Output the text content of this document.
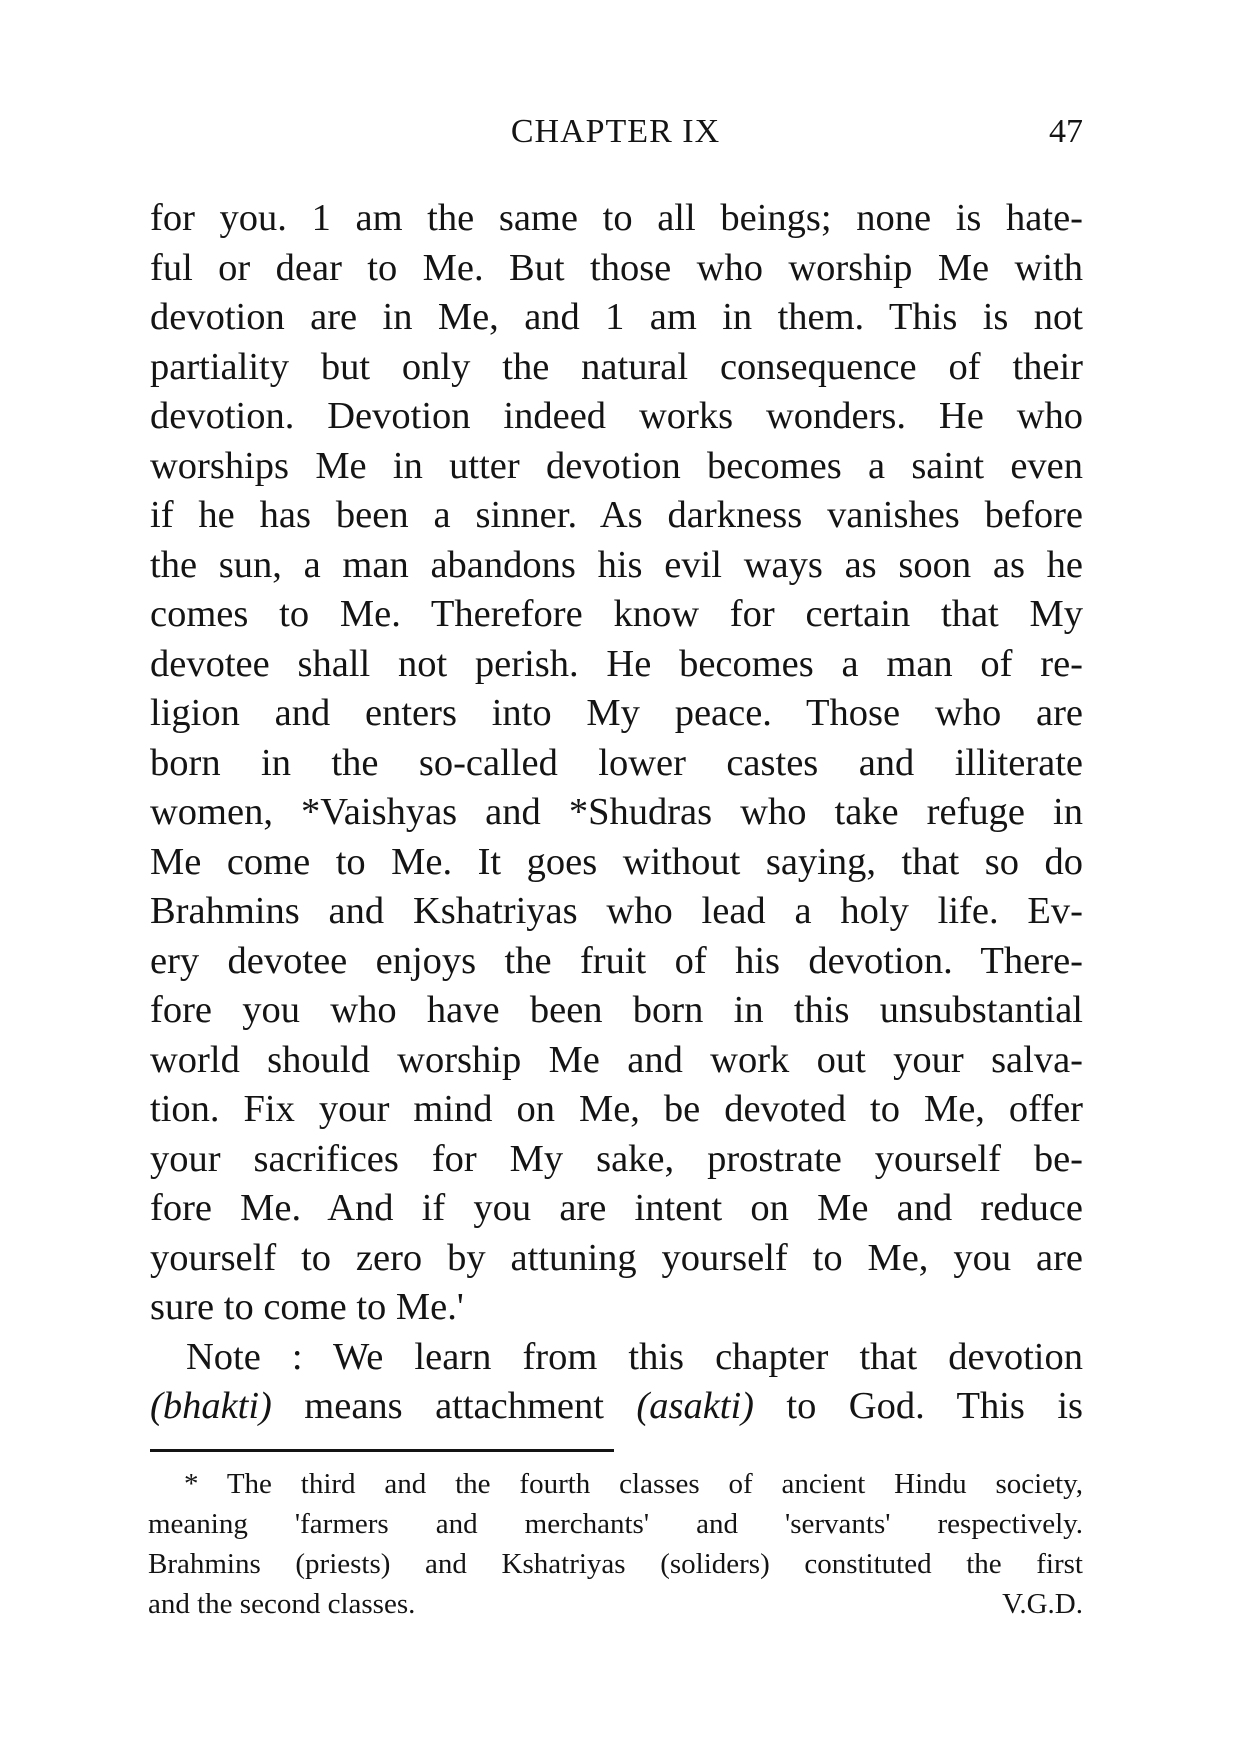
CHAPTER IX	47
for you. 1 am the same to all beings; none is hate-
ful or dear to Me. But those who worship Me with
devotion are in Me, and 1 am in them. This is not
partiality but only the natural consequence of their
devotion. Devotion indeed works wonders. He who
worships Me in utter devotion becomes a saint even
if he has been a sinner. As darkness vanishes before
the sun, a man abandons his evil ways as soon as he
comes to Me. Therefore know for certain that My
devotee shall not perish. He becomes a man of re-
ligion and enters into My peace. Those who are
born in the so-called lower castes and illiterate
women, *Vaishyas and *Shudras who take refuge in
Me come to Me. It goes without saying, that so do
Brahmins and Kshatriyas who lead a holy life. Ev-
ery devotee enjoys the fruit of his devotion. There-
fore you who have been born in this unsubstantial
world should worship Me and work out your salva-
tion. Fix your mind on Me, be devoted to Me, offer
your sacrifices for My sake, prostrate yourself be-
fore Me. And if you are intent on Me and reduce
yourself to zero by attuning yourself to Me, you are
sure to come to Me.'
Note : We learn from this chapter that devotion
(bhakti) means attachment (asakti) to God. This is
* The third and the fourth classes of ancient Hindu society,
meaning 'farmers and merchants' and 'servants' respectively.
Brahmins (priests) and Kshatriyas (soliders) constituted the first
and the second classes.	V.G.D.
